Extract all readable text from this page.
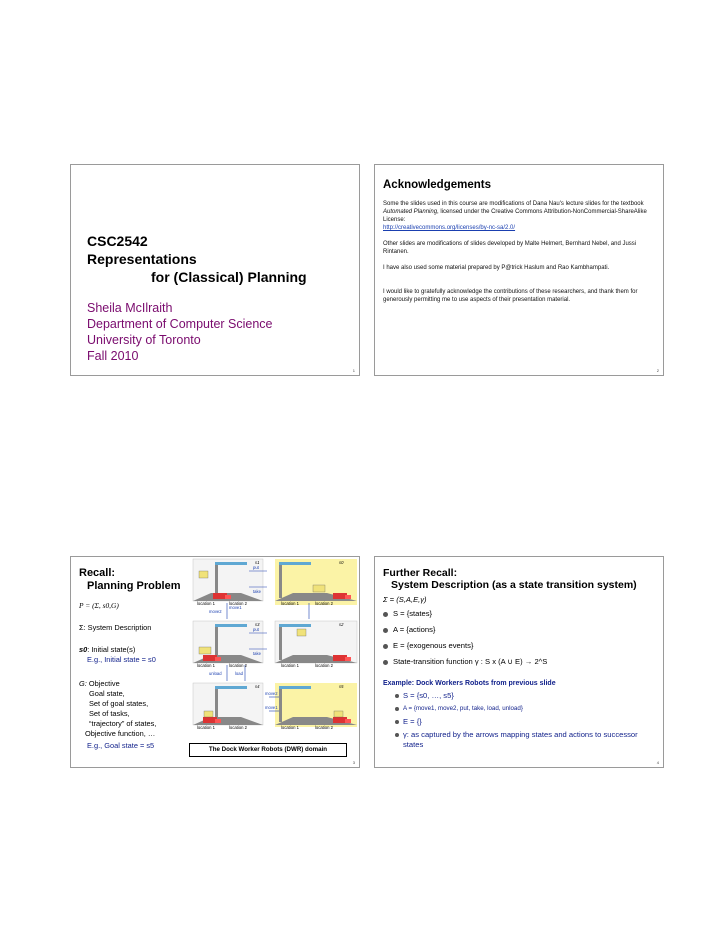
CSC2542
Representations
for (Classical) Planning
Sheila McIlraith
Department of Computer Science
University of Toronto
Fall 2010
1
Acknowledgements
Some the slides used in this course are modifications of Dana Nau's lecture slides for the textbook Automated Planning, licensed under the Creative Commons Attribution-NonCommercial-ShareAlike License:
http://creativecommons.org/licenses/by-nc-sa/2.0/
Other slides are modifications of slides developed by Malte Helmert, Bernhard Nebel, and Jussi Rintanen.
I have also used some material prepared by P@trick Haslum and Rao Kambhampati.
I would like to gratefully acknowledge the contributions of these researchers, and thank them for generously permitting me to use aspects of their presentation material.
2
Recall:
Planning Problem
P = (Σ, s0,G)
Σ: System Description
s0: Initial state(s)
E.g., Initial state = s0
G: Objective
Goal state,
Set of goal states,
Set of tasks,
“trajectory” of states,
Objective function, …
E.g., Goal state = s5
s1	s0
s3	s2
s4	s5
location 1	location 2	location 1	location 2
location 1	location 2	location 1	location 2
location 1	location 2	location 1	location 2
put
take
move1
move2
put
take
unload	load
move2
move1
The Dock Worker Robots (DWR) domain
3
Further Recall:
System Description (as a state transition system)
Σ = (S,A,E,γ)
S = {states}
A = {actions}
E = {exogenous events}
State-transition function γ : S x (A ∪ E) → 2^S
Example: Dock Workers Robots from previous slide
S = {s0, …, s5}
A = {move1, move2, put, take, load, unload}
E = {}
γ: as captured by the arrows mapping states and actions to successor states
4
